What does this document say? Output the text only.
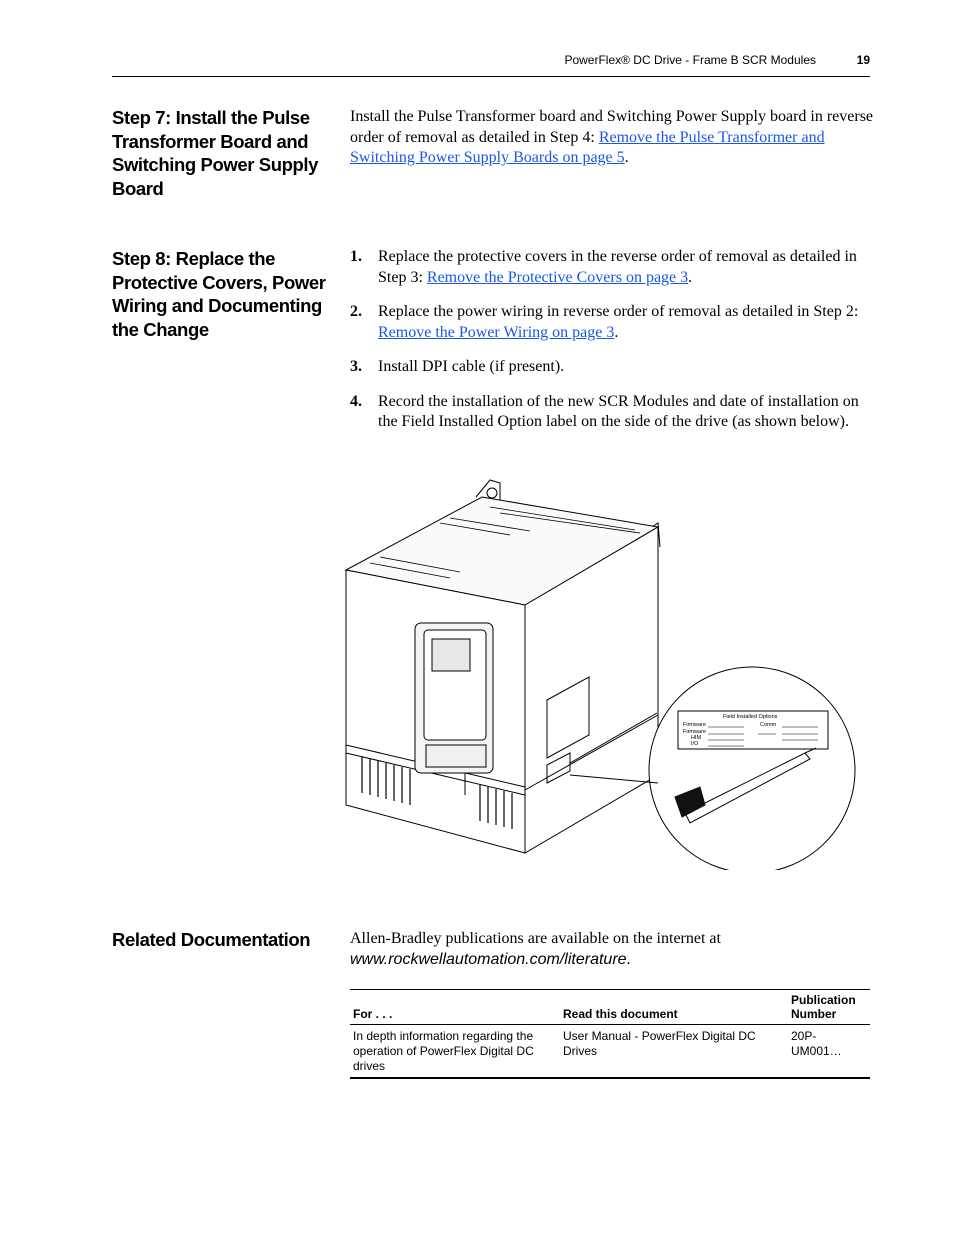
PowerFlex® DC Drive - Frame B SCR Modules	19
Step 7: Install the Pulse Transformer Board and Switching Power Supply Board
Install the Pulse Transformer board and Switching Power Supply board in reverse order of removal as detailed in Step 4: Remove the Pulse Transformer and Switching Power Supply Boards on page 5.
Step 8: Replace the Protective Covers, Power Wiring and Documenting the Change
1. Replace the protective covers in the reverse order of removal as detailed in Step 3: Remove the Protective Covers on page 3.
2. Replace the power wiring in reverse order of removal as detailed in Step 2: Remove the Power Wiring on page 3.
3. Install DPI cable (if present).
4. Record the installation of the new SCR Modules and date of installation on the Field Installed Option label on the side of the drive (as shown below).
Field Installed Options
Firmware
Firmware
HIM
I/O
Comm
Related Documentation	Allen-Bradley publications are available on the internet at
www.rockwellautomation.com/literature.
For . . .	Read this document	Publication Number
In depth information regarding the operation of PowerFlex Digital DC drives	User Manual - PowerFlex Digital DC Drives	20P-UM001…
